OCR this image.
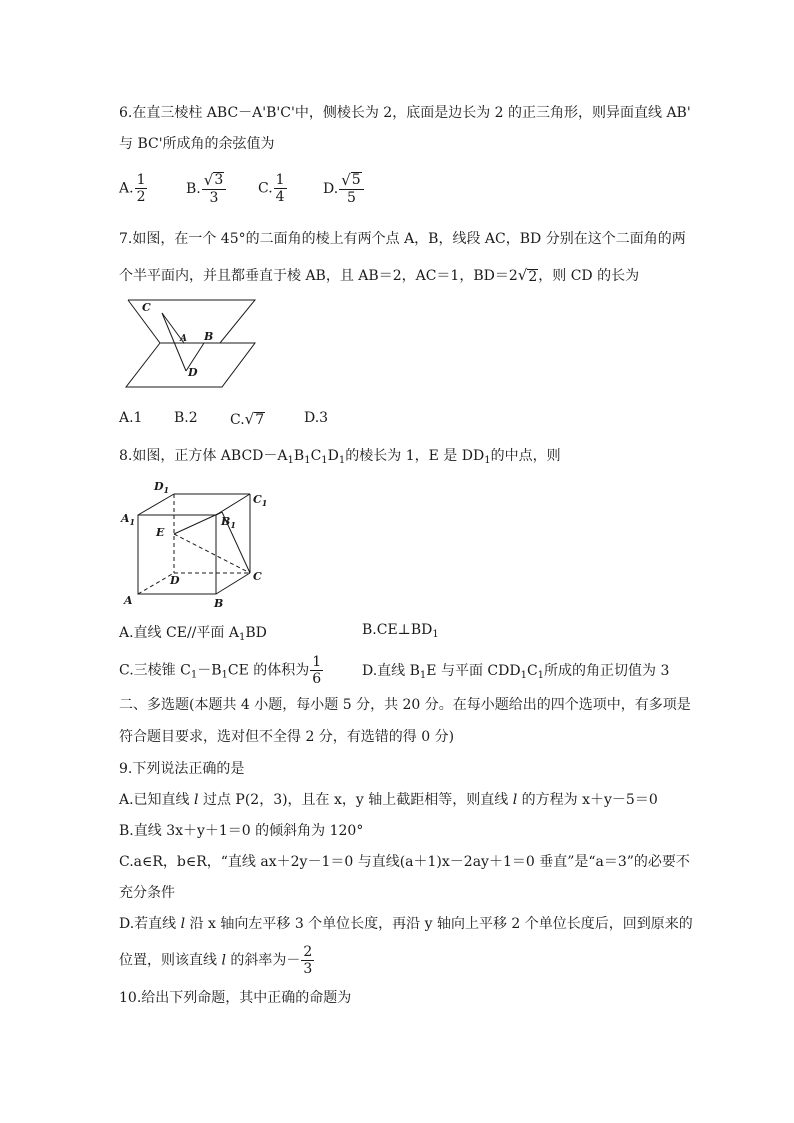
6.在直三棱柱 ABC－A'B'C'中，侧棱长为 2，底面是边长为 2 的正三角形，则异面直线 AB'
与 BC'所成角的余弦值为
A. $\frac{1}{2}$	B. $\frac{√ 3}{3} C$. $\frac{1}{4}$	D. $\frac{√ 5}{5}$
7.如图，在一个 45°的二面角的棱上有两个点 A，B，线段 AC，BD 分别在这个二面角的两
个半平面内，并且都垂直于棱 AB，且 AB＝2，AC＝1，BD＝2 √ 2 ，则 CD 的长为
C
A B
D
A.1 B.2 C. √ 7	D.3
8.如图，正方体 $ABCD-A_1B_1C_1D_1$的棱长为 1，E 是 $DD_1$的中点，则
$D_1$
$C_1$
$A_1$	$B_1$
E
D	C
A	B
A.直线 CE//平面 $A_1BD$	$B.CE\perp BD_1$
C.三棱锥 $C_1-B_1CE$ 的体积为 $\frac{1}{6}$	D.直线 $B_1E$ 与平面 $CDD_1C_1$所成的角正切值为 3
二、多选题(本题共 4 小题，每小题 5 分，共 20 分。在每小题给出的四个选项中，有多项是
符合题目要求，选对但不全得 2 分，有选错的得 0 分)
9.下列说法正确的是
A.已知直线 l 过点 P(2，3)，且在 x，y 轴上截距相等，则直线 l 的方程为 x＋y－5＝0
B.直线 3x＋y＋1＝0 的倾斜角为 120°
C.a∈R，b∈R，“直线 ax＋2y－1＝0 与直线(a＋1)x－2ay＋1＝0 垂直”是“a＝3”的必要不
充分条件
D.若直线 l 沿 x 轴向左平移 3 个单位长度，再沿 y 轴向上平移 2 个单位长度后，回到原来的
位置，则该直线 l 的斜率为－ $\frac{2}{3}$
10.给出下列命题，其中正确的命题为
